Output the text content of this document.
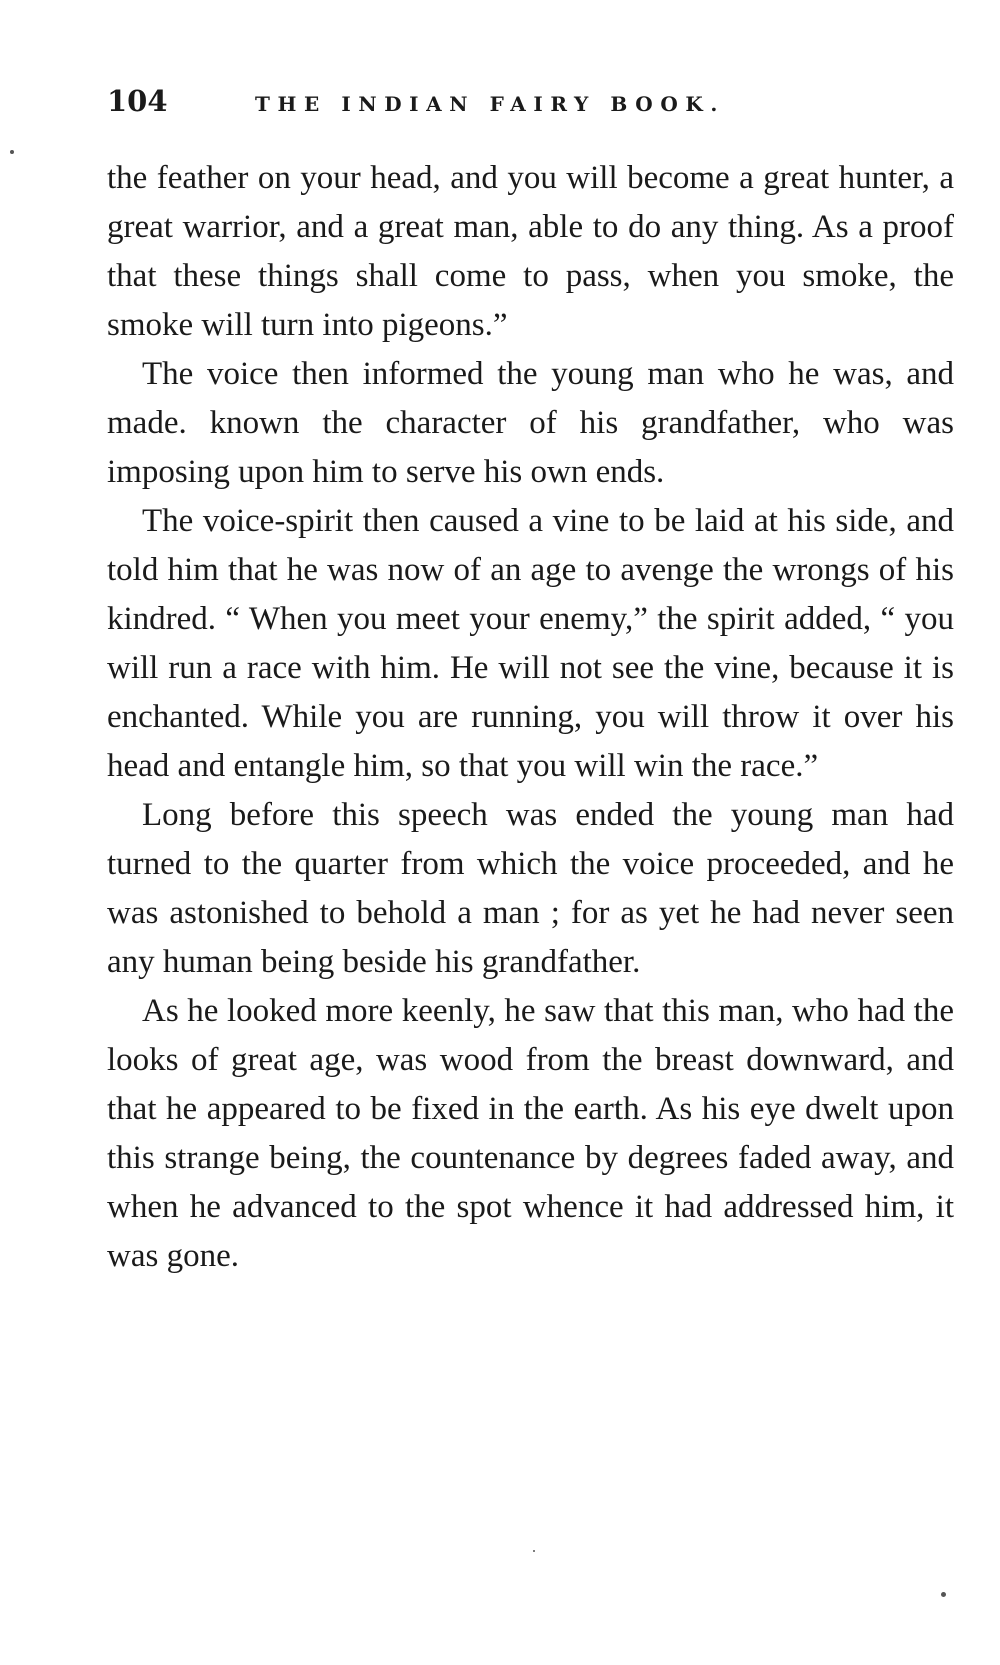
104	THE INDIAN FAIRY BOOK.

the feather on your head, and you will become a great hunter, a great warrior, and a great man, able to do any thing. As a proof that these things shall come to pass, when you smoke, the smoke will turn into pigeons.”

The voice then informed the young man who he was, and made. known the character of his grandfather, who was imposing upon him to serve his own ends.

The voice-spirit then caused a vine to be laid at his side, and told him that he was now of an age to avenge the wrongs of his kindred. “ When you meet your enemy,” the spirit added, “ you will run a race with him. He will not see the vine, because it is enchanted. While you are running, you will throw it over his head and entangle him, so that you will win the race.”

Long before this speech was ended the young man had turned to the quarter from which the voice proceeded, and he was astonished to behold a man ; for as yet he had never seen any human being beside his grandfather.

As he looked more keenly, he saw that this man, who had the looks of great age, was wood from the breast downward, and that he appeared to be fixed in the earth. As his eye dwelt upon this strange being, the countenance by degrees faded away, and when he advanced to the spot whence it had addressed him, it was gone.
